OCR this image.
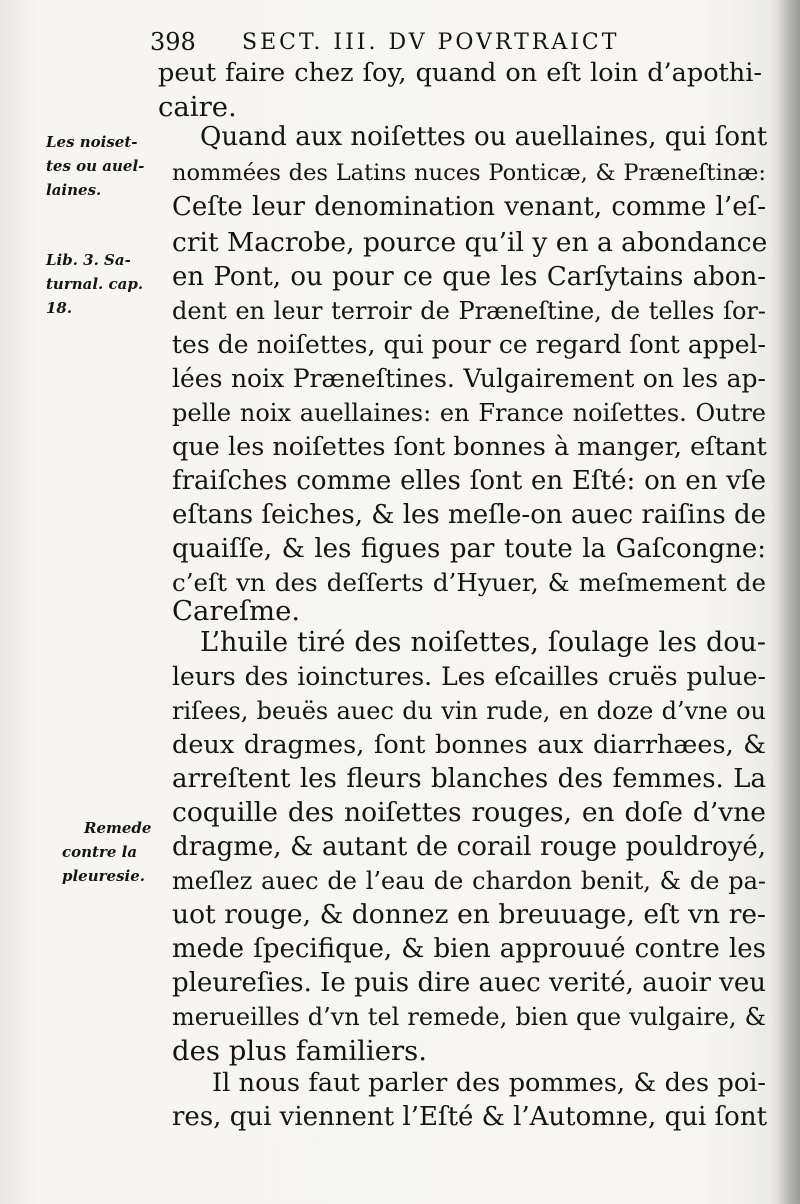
398 SECT. III. DV POVRTRAICT
Les noiset-
tes ou auel-
laines.
Lib. 3. Sa-
turnal. cap.
18.
Remede
contre la
pleuresie.
peut faire chez ſoy, quand on eſt loin d’apothi-
caire.
Quand aux noiſettes ou auellaines, qui ſont
nommées des Latins nuces Ponticæ, & Præneſtinæ:
Ceſte leur denomination venant, comme l’eſ-
crit Macrobe, pource qu’il y en a abondance
en Pont, ou pour ce que les Carſytains abon-
dent en leur terroir de Præneſtine, de telles ſor-
tes de noiſettes, qui pour ce regard ſont appel-
lées noix Præneſtines. Vulgairement on les ap-
pelle noix auellaines: en France noiſettes. Outre
que les noiſettes ſont bonnes à manger, eſtant
fraiſches comme elles ſont en Eſté: on en vſe
eſtans ſeiches, & les meſle-on auec raiſins de
quaiſſe, & les figues par toute la Gaſcongne:
c’eſt vn des deſſerts d’Hyuer, & meſmement de
Careſme.
L’huile tiré des noiſettes, ſoulage les dou-
leurs des ioinctures. Les eſcailles cruës pulue-
riſees, beuës auec du vin rude, en doze d’vne ou
deux dragmes, ſont bonnes aux diarrhæes, &
arreſtent les fleurs blanches des femmes. La
coquille des noiſettes rouges, en doſe d’vne
dragme, & autant de corail rouge pouldroyé,
meſlez auec de l’eau de chardon benit, & de pa-
uot rouge, & donnez en breuuage, eſt vn re-
mede ſpecifique, & bien approuué contre les
pleureſies. Ie puis dire auec verité, auoir veu
merueilles d’vn tel remede, bien que vulgaire, &
des plus familiers.
Il nous faut parler des pommes, & des poi-
res, qui viennent l’Eſté & l’Automne, qui ſont
